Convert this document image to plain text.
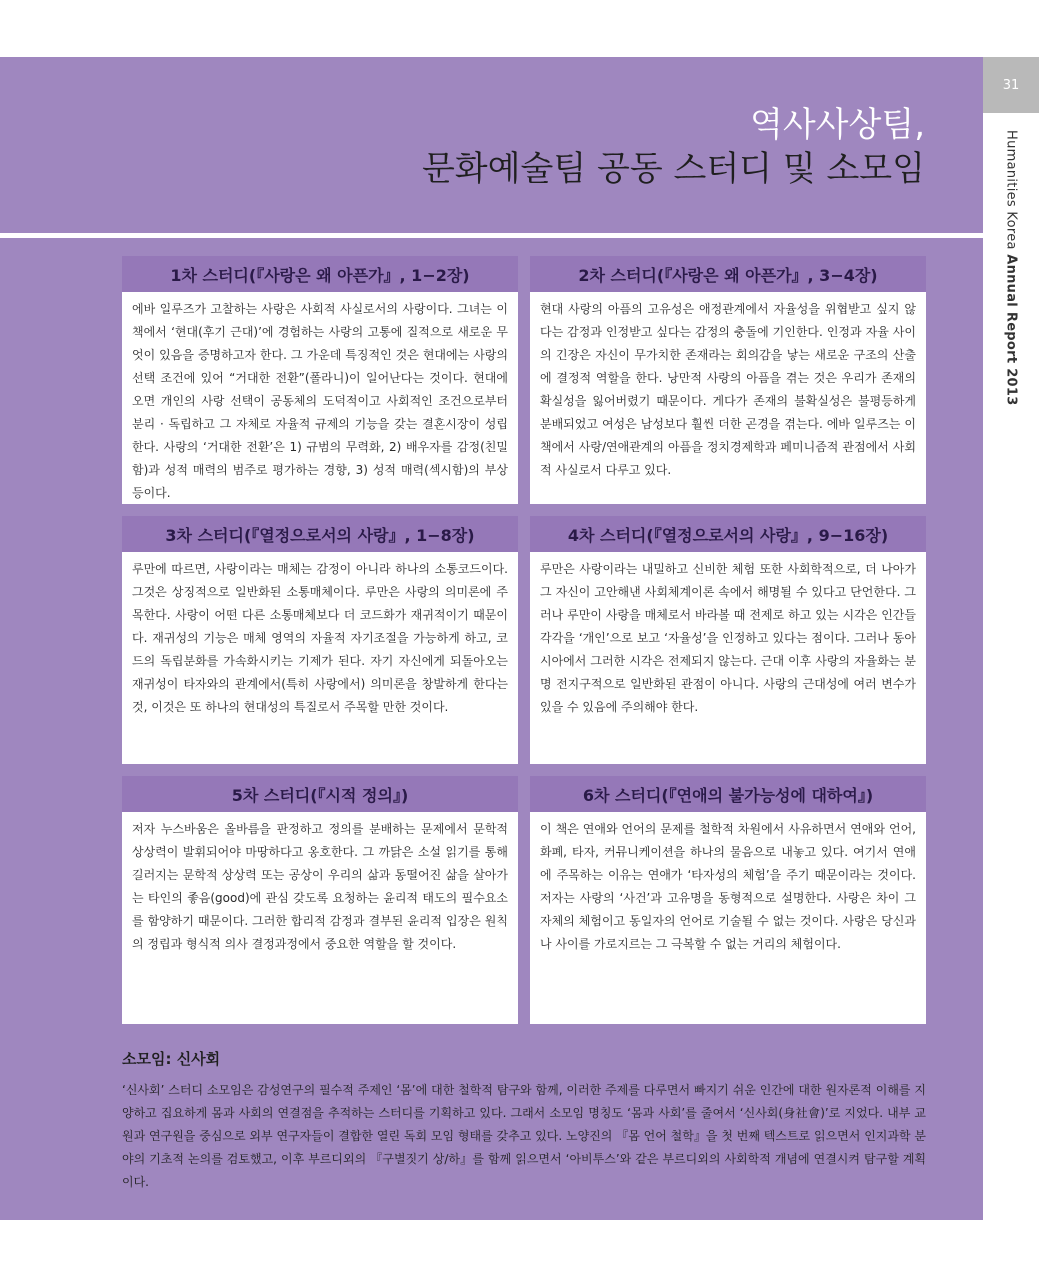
31
Humanities Korea Annual Report 2013
역사사상팀,
문화예술팀 공동 스터디 및 소모임
1차 스터디(『사랑은 왜 아픈가』, 1−2장)
에바 일루즈가 고찰하는 사랑은 사회적 사실로서의 사랑이다. 그녀는 이 책에서 ‘현대(후기 근대)’에 경험하는 사랑의 고통에 질적으로 새로운 무엇이 있음을 증명하고자 한다. 그 가운데 특징적인 것은 현대에는 사랑의 선택 조건에 있어 “거대한 전환”(폴라니)이 일어난다는 것이다. 현대에 오면 개인의 사랑 선택이 공동체의 도덕적이고 사회적인 조건으로부터 분리 · 독립하고 그 자체로 자율적 규제의 기능을 갖는 결혼시장이 성립한다. 사랑의 ‘거대한 전환’은 1) 규범의 무력화, 2) 배우자를 감정(친밀함)과 성적 매력의 범주로 평가하는 경향, 3) 성적 매력(섹시함)의 부상 등이다.
2차 스터디(『사랑은 왜 아픈가』, 3−4장)
현대 사랑의 아픔의 고유성은 애정관계에서 자율성을 위협받고 싶지 않다는 감정과 인정받고 싶다는 감정의 충돌에 기인한다. 인정과 자율 사이의 긴장은 자신이 무가치한 존재라는 회의감을 낳는 새로운 구조의 산출에 결정적 역할을 한다. 낭만적 사랑의 아픔을 겪는 것은 우리가 존재의 확실성을 잃어버렸기 때문이다. 게다가 존재의 불확실성은 불평등하게 분배되었고 여성은 남성보다 훨씬 더한 곤경을 겪는다. 에바 일루즈는 이 책에서 사랑/연애관계의 아픔을 정치경제학과 페미니즘적 관점에서 사회적 사실로서 다루고 있다.
3차 스터디(『열정으로서의 사랑』, 1−8장)
루만에 따르면, 사랑이라는 매체는 감정이 아니라 하나의 소통코드이다. 그것은 상징적으로 일반화된 소통매체이다. 루만은 사랑의 의미론에 주목한다. 사랑이 어떤 다른 소통매체보다 더 코드화가 재귀적이기 때문이다. 재귀성의 기능은 매체 영역의 자율적 자기조절을 가능하게 하고, 코드의 독립분화를 가속화시키는 기제가 된다. 자기 자신에게 되돌아오는 재귀성이 타자와의 관계에서(특히 사랑에서) 의미론을 창발하게 한다는 것, 이것은 또 하나의 현대성의 특질로서 주목할 만한 것이다.
4차 스터디(『열정으로서의 사랑』, 9−16장)
루만은 사랑이라는 내밀하고 신비한 체험 또한 사회학적으로, 더 나아가 그 자신이 고안해낸 사회체계이론 속에서 해명될 수 있다고 단언한다. 그러나 루만이 사랑을 매체로서 바라볼 때 전제로 하고 있는 시각은 인간들 각각을 ‘개인’으로 보고 ‘자율성’을 인정하고 있다는 점이다. 그러나 동아시아에서 그러한 시각은 전제되지 않는다. 근대 이후 사랑의 자율화는 분명 전지구적으로 일반화된 관점이 아니다. 사랑의 근대성에 여러 변수가 있을 수 있음에 주의해야 한다.
5차 스터디(『시적 정의』)
저자 누스바움은 올바름을 판정하고 정의를 분배하는 문제에서 문학적 상상력이 발휘되어야 마땅하다고 옹호한다. 그 까닭은 소설 읽기를 통해 길러지는 문학적 상상력 또는 공상이 우리의 삶과 동떨어진 삶을 살아가는 타인의 좋음(good)에 관심 갖도록 요청하는 윤리적 태도의 필수요소를 함양하기 때문이다. 그러한 합리적 감정과 결부된 윤리적 입장은 원칙의 정립과 형식적 의사 결정과정에서 중요한 역할을 할 것이다.
6차 스터디(『연애의 불가능성에 대하여』)
이 책은 연애와 언어의 문제를 철학적 차원에서 사유하면서 연애와 언어, 화폐, 타자, 커뮤니케이션을 하나의 물음으로 내놓고 있다. 여기서 연애에 주목하는 이유는 연애가 ‘타자성의 체험’을 주기 때문이라는 것이다. 저자는 사랑의 ‘사건’과 고유명을 동형적으로 설명한다. 사랑은 차이 그 자체의 체험이고 동일자의 언어로 기술될 수 없는 것이다. 사랑은 당신과 나 사이를 가로지르는 그 극복할 수 없는 거리의 체험이다.
소모임: 신사회
‘신사회’ 스터디 소모임은 감성연구의 필수적 주제인 ‘몸’에 대한 철학적 탐구와 함께, 이러한 주제를 다루면서 빠지기 쉬운 인간에 대한 원자론적 이해를 지양하고 집요하게 몸과 사회의 연결점을 추적하는 스터디를 기획하고 있다. 그래서 소모임 명칭도 ‘몸과 사회’를 줄여서 ‘신사회(身社會)’로 지었다. 내부 교원과 연구원을 중심으로 외부 연구자들이 결합한 열린 독회 모임 형태를 갖추고 있다. 노양진의 『몸 언어 철학』을 첫 번째 텍스트로 읽으면서 인지과학 분야의 기초적 논의를 검토했고, 이후 부르디외의 『구별짓기 상/하』를 함께 읽으면서 ‘아비투스’와 같은 부르디외의 사회학적 개념에 연결시켜 탐구할 계획이다.
